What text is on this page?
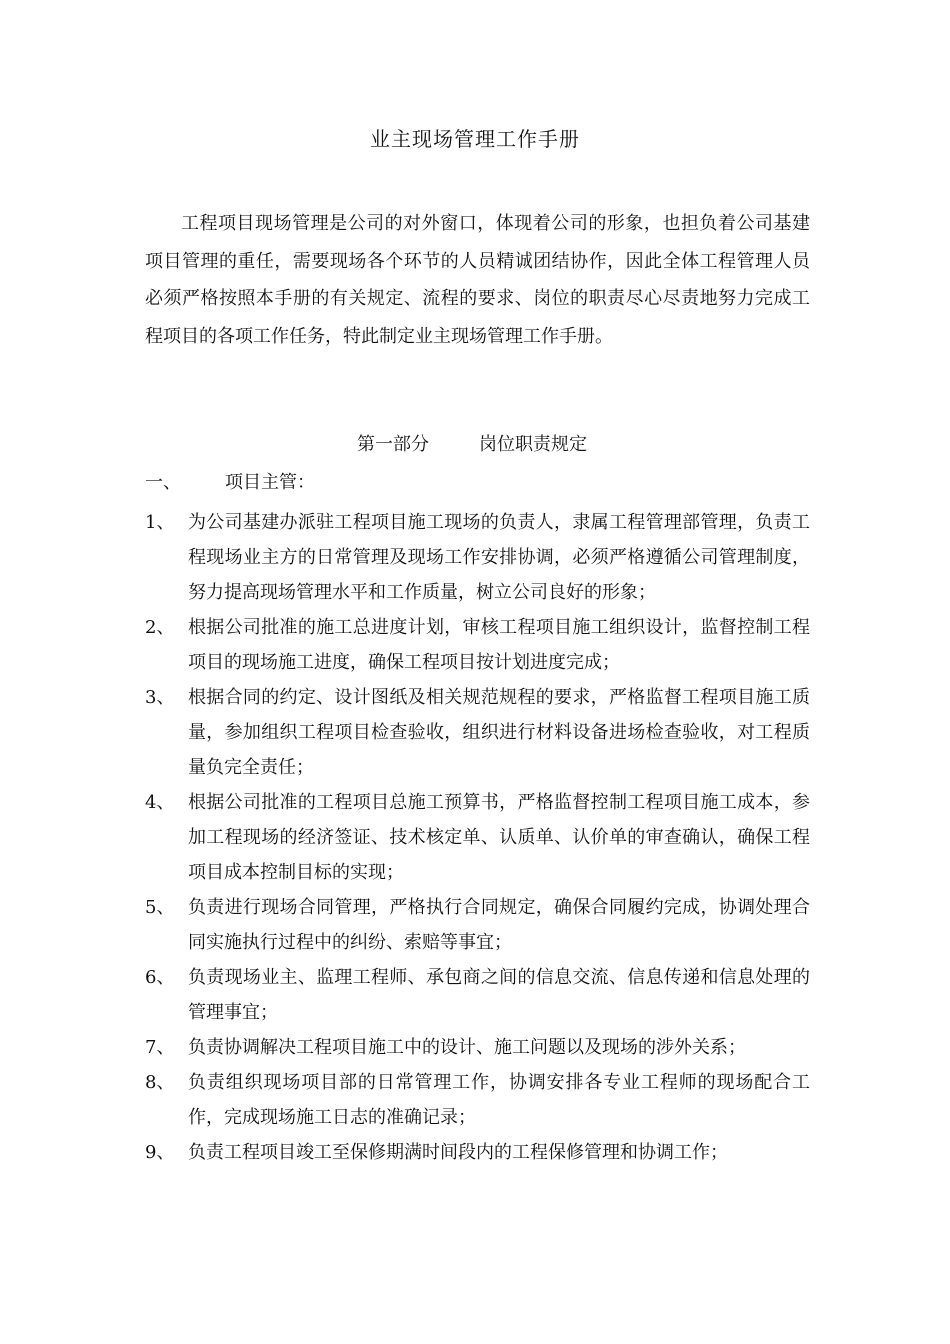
业主现场管理工作手册

工程项目现场管理是公司的对外窗口，体现着公司的形象，也担负着公司基建项目管理的重任，需要现场各个环节的人员精诚团结协作，因此全体工程管理人员必须严格按照本手册的有关规定、流程的要求、岗位的职责尽心尽责地努力完成工程项目的各项工作任务，特此制定业主现场管理工作手册。

第一部分	岗位职责规定
一、 项目主管：
1、 为公司基建办派驻工程项目施工现场的负责人，隶属工程管理部管理，负责工程现场业主方的日常管理及现场工作安排协调，必须严格遵循公司管理制度，努力提高现场管理水平和工作质量，树立公司良好的形象；
2、 根据公司批准的施工总进度计划，审核工程项目施工组织设计，监督控制工程项目的现场施工进度，确保工程项目按计划进度完成；
3、 根据合同的约定、设计图纸及相关规范规程的要求，严格监督工程项目施工质量，参加组织工程项目检查验收，组织进行材料设备进场检查验收，对工程质量负完全责任；
4、 根据公司批准的工程项目总施工预算书，严格监督控制工程项目施工成本，参加工程现场的经济签证、技术核定单、认质单、认价单的审查确认，确保工程项目成本控制目标的实现；
5、 负责进行现场合同管理，严格执行合同规定，确保合同履约完成，协调处理合同实施执行过程中的纠纷、索赔等事宜；
6、 负责现场业主、监理工程师、承包商之间的信息交流、信息传递和信息处理的管理事宜；
7、 负责协调解决工程项目施工中的设计、施工问题以及现场的涉外关系；
8、 负责组织现场项目部的日常管理工作，协调安排各专业工程师的现场配合工作，完成现场施工日志的准确记录；
9、 负责工程项目竣工至保修期满时间段内的工程保修管理和协调工作；
